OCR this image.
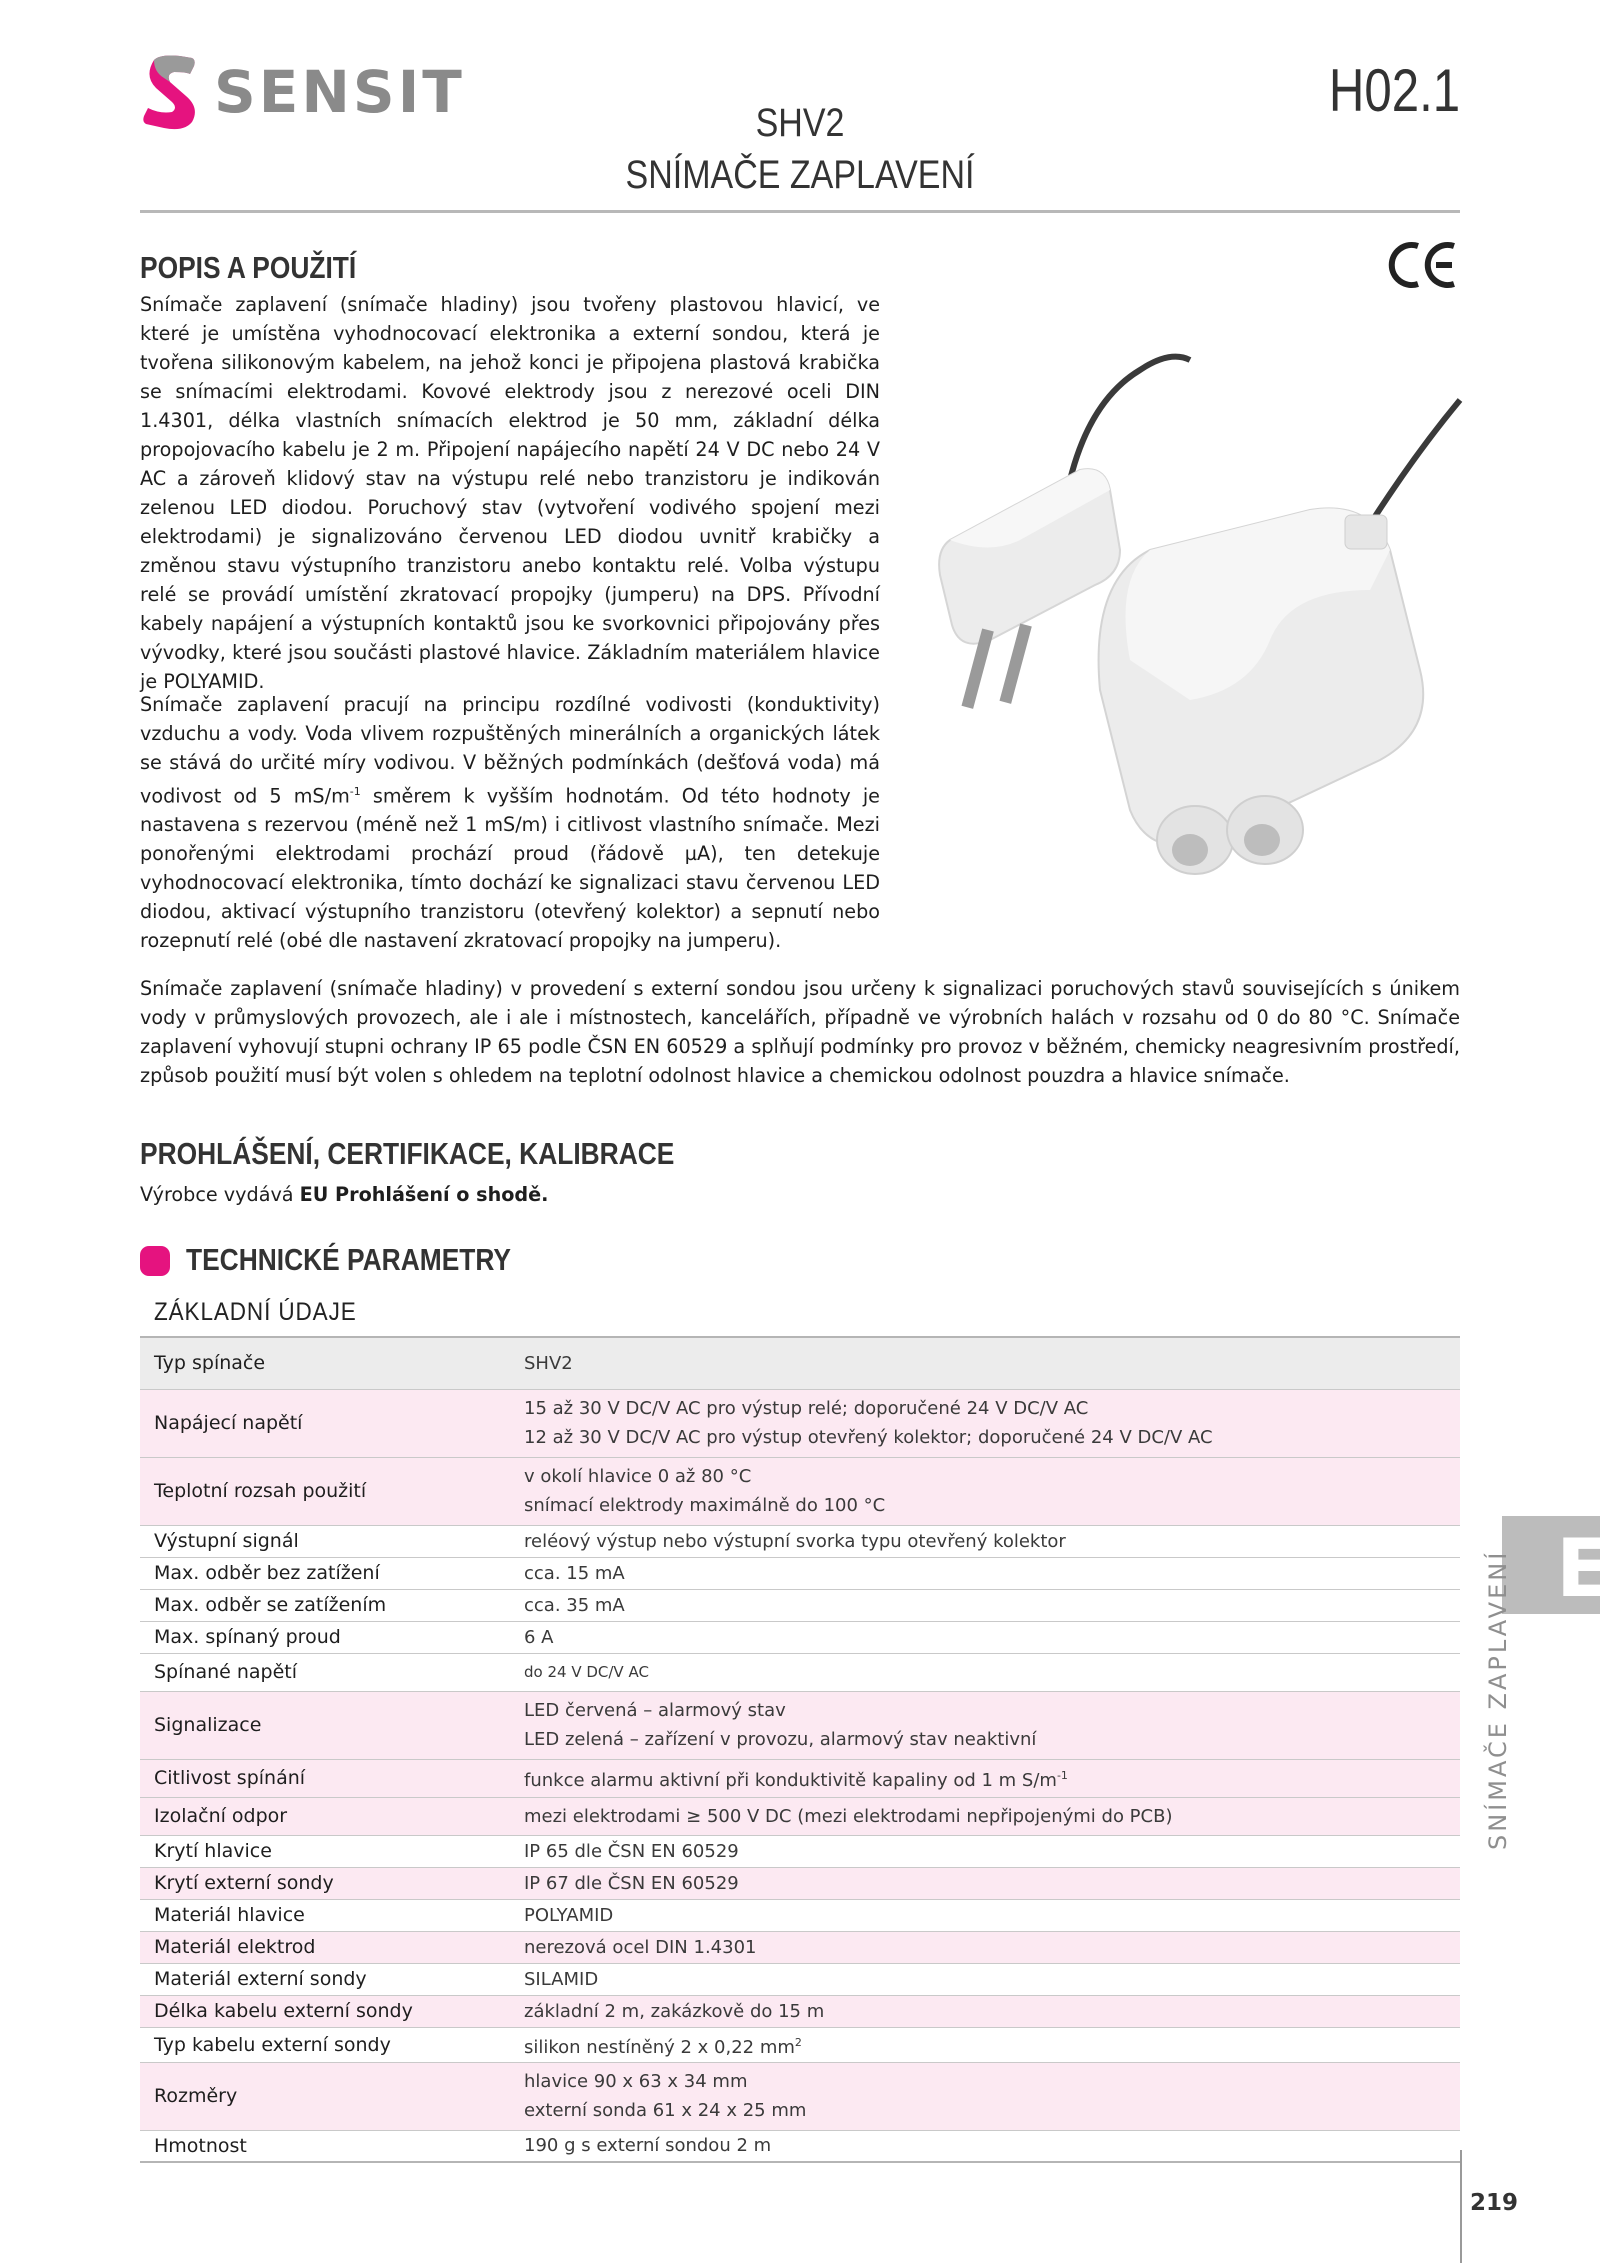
SENSIT	H02.1
SHV2
SNÍMAČE ZAPLAVENÍ
POPIS A POUŽITÍ
Snímače zaplavení (snímače hladiny) jsou tvořeny plastovou hlavicí, ve které je umístěna vyhodnocovací elektronika a externí sondou, která je tvořena silikonovým kabelem, na jehož konci je připojena plastová krabička se snímacími elektrodami. Kovové elektrody jsou z nerezové oceli DIN 1.4301, délka vlastních snímacích elektrod je 50 mm, základní délka propojovacího kabelu je 2 m. Připojení napájecího napětí 24 V DC nebo 24 V AC a zároveň klidový stav na výstupu relé nebo tranzistoru je indikován zelenou LED diodou. Poruchový stav (vytvoření vodivého spojení mezi elektrodami) je signalizováno červenou LED diodou uvnitř krabičky a změnou stavu výstupního tranzistoru anebo kontaktu relé. Volba výstupu relé se provádí umístění zkratovací propojky (jumperu) na DPS. Přívodní kabely napájení a výstupních kontaktů jsou ke svorkovnici připojovány přes vývodky, které jsou součásti plastové hlavice. Základním materiálem hlavice je POLYAMID.
Snímače zaplavení pracují na principu rozdílné vodivosti (konduktivity) vzduchu a vody. Voda vlivem rozpuštěných minerálních a organických látek se stává do určité míry vodivou. V běžných podmínkách (dešťová voda) má vodivost od 5 $mS/m^{-1}$ směrem k vyšším hodnotám. Od této hodnoty je nastavena s rezervou (méně než 1 mS/m) i citlivost vlastního snímače. Mezi ponořenými elektrodami prochází proud (řádově µA), ten detekuje vyhodnocovací elektronika, tímto dochází ke signalizaci stavu červenou LED diodou, aktivací výstupního tranzistoru (otevřený kolektor) a sepnutí nebo rozepnutí relé (obé dle nastavení zkratovací propojky na jumperu).
Snímače zaplavení (snímače hladiny) v provedení s externí sondou jsou určeny k signalizaci poruchových stavů souvisejících s únikem vody v průmyslových provozech, ale i ale i místnostech, kancelářích, případně ve výrobních halách v rozsahu od 0 do 80 °C. Snímače zaplavení vyhovují stupni ochrany IP 65 podle ČSN EN 60529 a splňují podmínky pro provoz v běžném, chemicky neagresivním prostředí, způsob použití musí být volen s ohledem na teplotní odolnost hlavice a chemickou odolnost pouzdra a hlavice snímače.
PROHLÁŠENÍ, CERTIFIKACE, KALIBRACE
Výrobce vydává EU Prohlášení o shodě.
TECHNICKÉ PARAMETRY
ZÁKLADNÍ ÚDAJE
Typ spínače	SHV2

Napájecí napětí	15 až 30 V DC/V AC pro výstup relé; doporučené 24 V DC/V AC
12 až 30 V DC/V AC pro výstup otevřený kolektor; doporučené 24 V DC/V AC

Teplotní rozsah použití	v okolí hlavice 0 až 80 °C
snímací elektrody maximálně do 100 °C

Výstupní signál	reléový výstup nebo výstupní svorka typu otevřený kolektor

Max. odběr bez zatížení	cca. 15 mA

Max. odběr se zatížením	cca. 35 mA

Max. spínaný proud	6 A

Spínané napětí	do 24 V DC/V AC

Signalizace	LED červená – alarmový stav
LED zelená – zařízení v provozu, alarmový stav neaktivní

Citlivost spínání	funkce alarmu aktivní při konduktivitě kapaliny od 1 m $S/m^{-1}$

Izolační odpor	mezi elektrodami ≥ 500 V DC (mezi elektrodami nepřipojenými do PCB)

Krytí hlavice	IP 65 dle ČSN EN 60529

Krytí externí sondy	IP 67 dle ČSN EN 60529

Materiál hlavice	POLYAMID

Materiál elektrod	nerezová ocel DIN 1.4301

Materiál externí sondy	SILAMID

Délka kabelu externí sondy	základní 2 m, zakázkově do 15 m

Typ kabelu externí sondy	silikon nestíněný 2 x 0,22 $mm^2$

Rozměry	hlavice 90 x 63 x 34 mm
externí sonda 61 x 24 x 25 mm

Hmotnost	190 g s externí sondou 2 m
E
SNÍMAČE ZAPLAVENÍ
219
